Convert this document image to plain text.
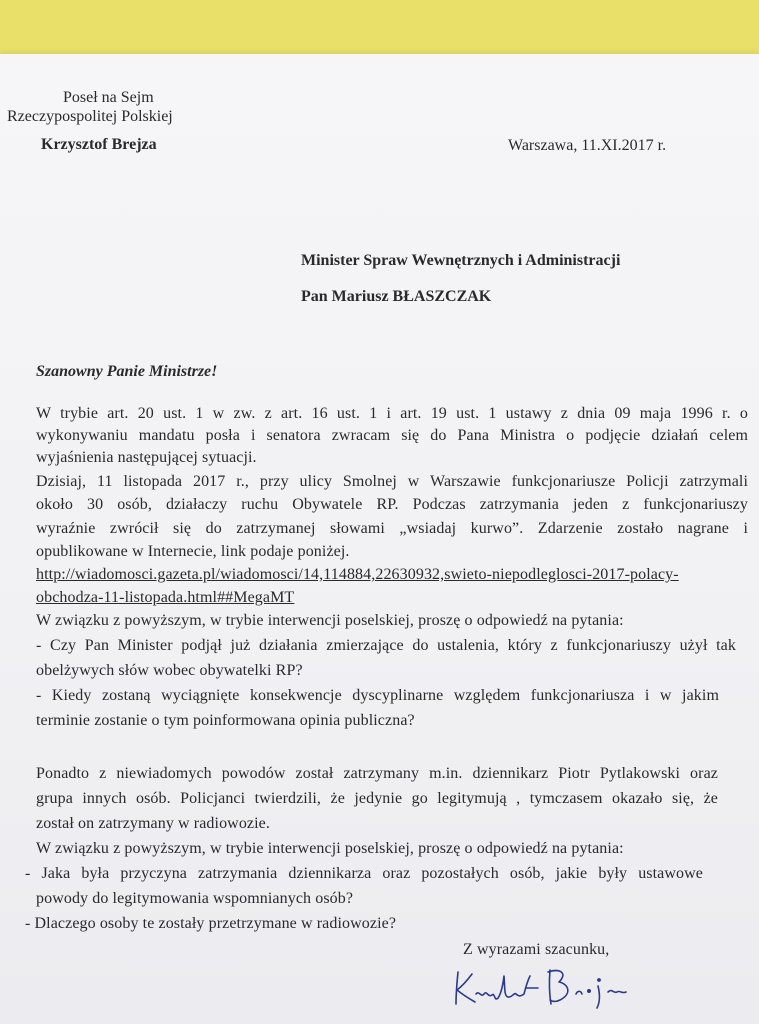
Poseł na Sejm
Rzeczypospolitej Polskiej
Krzysztof Brejza	Warszawa, 11.XI.2017 r.
Minister Spraw Wewnętrznych i Administracji
Pan Mariusz BŁASZCZAK
Szanowny Panie Ministrze!
W trybie art. 20 ust. 1 w zw. z art. 16 ust. 1 i art. 19 ust. 1 ustawy z dnia 09 maja 1996 r. o
wykonywaniu mandatu posła i senatora zwracam się do Pana Ministra o podjęcie działań celem
wyjaśnienia następującej sytuacji.
Dzisiaj, 11 listopada 2017 r., przy ulicy Smolnej w Warszawie funkcjonariusze Policji zatrzymali
około 30 osób, działaczy ruchu Obywatele RP. Podczas zatrzymania jeden z funkcjonariuszy
wyraźnie zwrócił się do zatrzymanej słowami „wsiadaj kurwo”. Zdarzenie zostało nagrane i
opublikowane w Internecie, link podaje poniżej.
http://wiadomosci.gazeta.pl/wiadomosci/14,114884,22630932,swieto-niepodleglosci-2017-polacy-
obchodza-11-listopada.html##MegaMT
W związku z powyższym, w trybie interwencji poselskiej, proszę o odpowiedź na pytania:
- Czy Pan Minister podjął już działania zmierzające do ustalenia, który z funkcjonariuszy użył tak
obelżywych słów wobec obywatelki RP?
- Kiedy zostaną wyciągnięte konsekwencje dyscyplinarne względem funkcjonariusza i w jakim
terminie zostanie o tym poinformowana opinia publiczna?
Ponadto z niewiadomych powodów został zatrzymany m.in. dziennikarz Piotr Pytlakowski oraz
grupa innych osób. Policjanci twierdzili, że jedynie go legitymują , tymczasem okazało się, że
został on zatrzymany w radiowozie.
W związku z powyższym, w trybie interwencji poselskiej, proszę o odpowiedź na pytania:
- Jaka była przyczyna zatrzymania dziennikarza oraz pozostałych osób, jakie były ustawowe
powody do legitymowania wspomnianych osób?
- Dlaczego osoby te zostały przetrzymane w radiowozie?
Z wyrazami szacunku,
